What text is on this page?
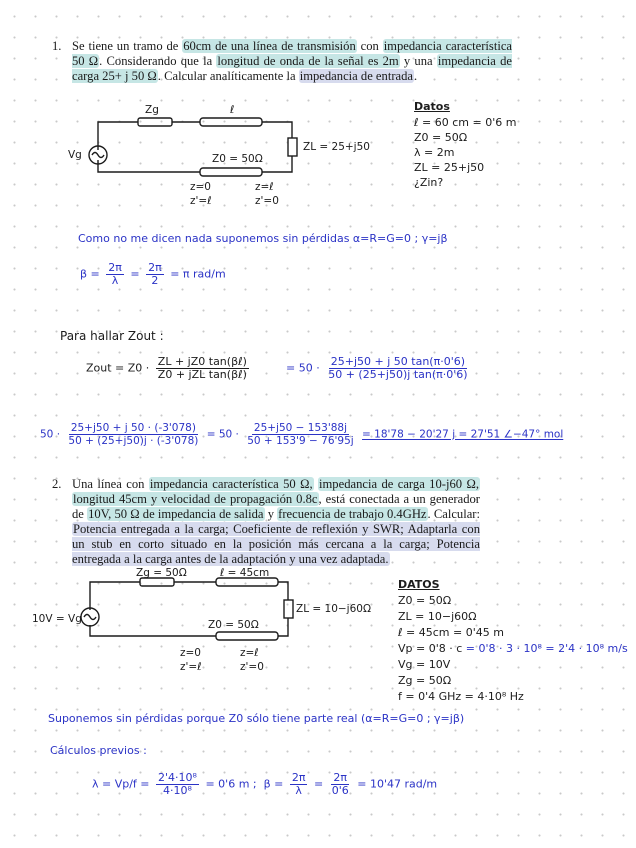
1. Se tiene un tramo de 60cm de una línea de transmisión con impedancia característica 50 Ω. Considerando que la longitud de onda de la señal es 2m y una impedancia de carga 25+ j 50 Ω. Calcular analíticamente la impedancia de entrada.
Zg	ℓ
Vg
ZL = 25+j50
Z0 = 50Ω
z=0	z=ℓ
z'=ℓ	z'=0
Datos
ℓ = 60 cm = 0'6 m
Z0 = 50Ω
λ = 2m
ZL = 25+j50
¿Zin?
Como no me dicen nada suponemos sin pérdidas α=R=G=0 ; γ=jβ
$\beta = \frac{2\pi}{\lambda} = \frac{2\pi}{2} = \pi$ rad/m
Para hallar Zout :
Zout = $Z0 \cdot \frac{\text{ZL + jZ0 tan(βℓ)}}{\text{Z0 + jZL tan(βℓ)}}$	= $50 \cdot \frac{25+j50 + j 50 \tan(\pi\cdot 0'6)}{\text{50 + (25+j50)j tan(π·0'6)}}$
$50 \cdot \frac{25+j50 + j 50 \cdot (-3'078)}{50 + (25+j50)j \cdot (-3'078)} = 50 \cdot \frac{25+j50 - 153'88j}{50 + 153'9 - 76'95j} = 18'78 - 20'27$ j = 27'51 ∠−47° mol
2. Una línea con impedancia característica 50 Ω, impedancia de carga 10-j60 Ω, longitud 45cm y velocidad de propagación 0.8c, está conectada a un generador de 10V, 50 Ω de impedancia de salida y frecuencia de trabajo 0.4GHz. Calcular: Potencia entregada a la carga; Coeficiente de reflexión y SWR; Adaptarla con un stub en corto situado en la posición más cercana a la carga; Potencia entregada a la carga antes de la adaptación y una vez adaptada.
Zg = 50Ω	ℓ = 45cm
10V = Vg
ZL = 10−j60Ω
Z0 = 50Ω
z=0	z=ℓ
z'=ℓ	z'=0
DATOS
Z0 = 50Ω
ZL = 10−j60Ω
ℓ = 45cm = 0'45 m
Vp = 0'8 · c = 0'8 · 3 · 10⁸ = 2'4 · 10⁸ m/s
Vg = 10V
Zg = 50Ω
f = 0'4 GHz = 4·10⁸ Hz
Suponemos sin pérdidas porque Z0 sólo tiene parte real (α=R=G=0 ; γ=jβ)
Cálculos previos :
$\lambda = Vp/f = \frac{\text{2'4·10⁸}}{\text{4·10⁸}} = 0'6$ m ; $\beta = \frac{2\pi}{\lambda} = \frac{2\pi}{0'6} = 10'47$ rad/m
